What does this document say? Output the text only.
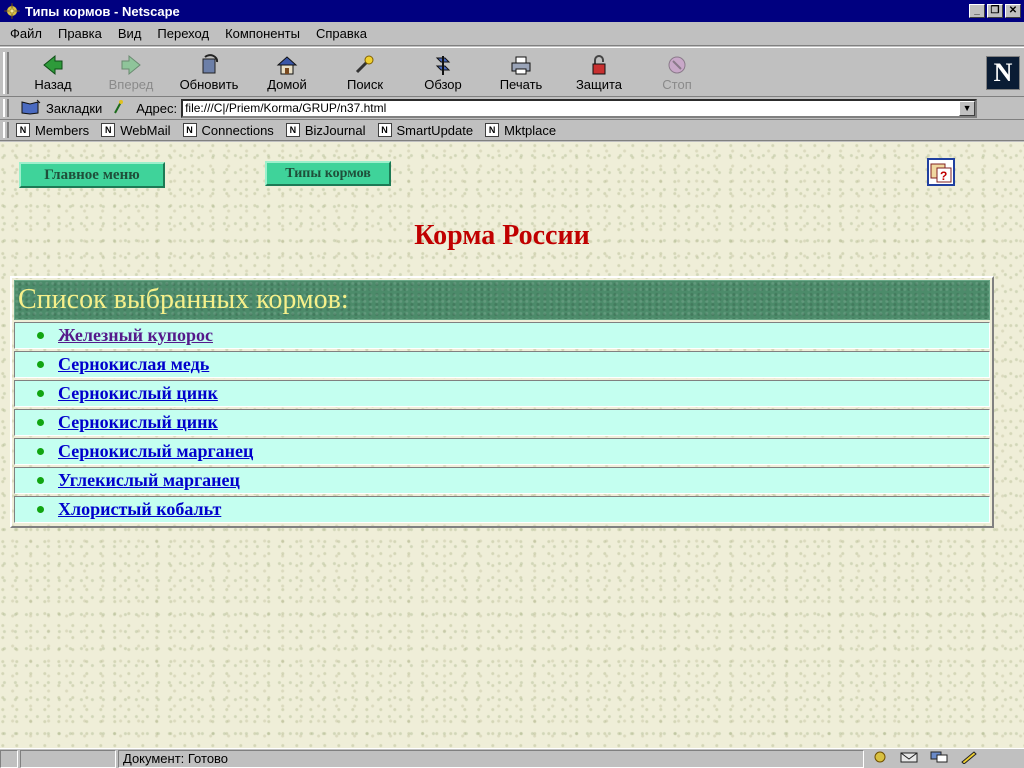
Типы кормов - Netscape	_	❐ ✕
Файл	Правка	Вид	Переход	Компоненты	Справка
Назад	Вперед Обновить Домой	Поиск	Обзор	Печать	Защита	Стоп	N
Закладки	Адрес: file:///C|/Priem/Korma/GRUP/n37.html	▼
N Members	N WebMail	N Connections	N BizJournal	N SmartUpdate	N Mktplace
Главное меню	Типы кормов	?
Корма России
Список выбранных кормов:
Железный купорос
Сернокислая медь
Сернокислый цинк
Сернокислый цинк
Сернокислый марганец
Углекислый марганец
Хлористый кобальт
Документ: Готово
